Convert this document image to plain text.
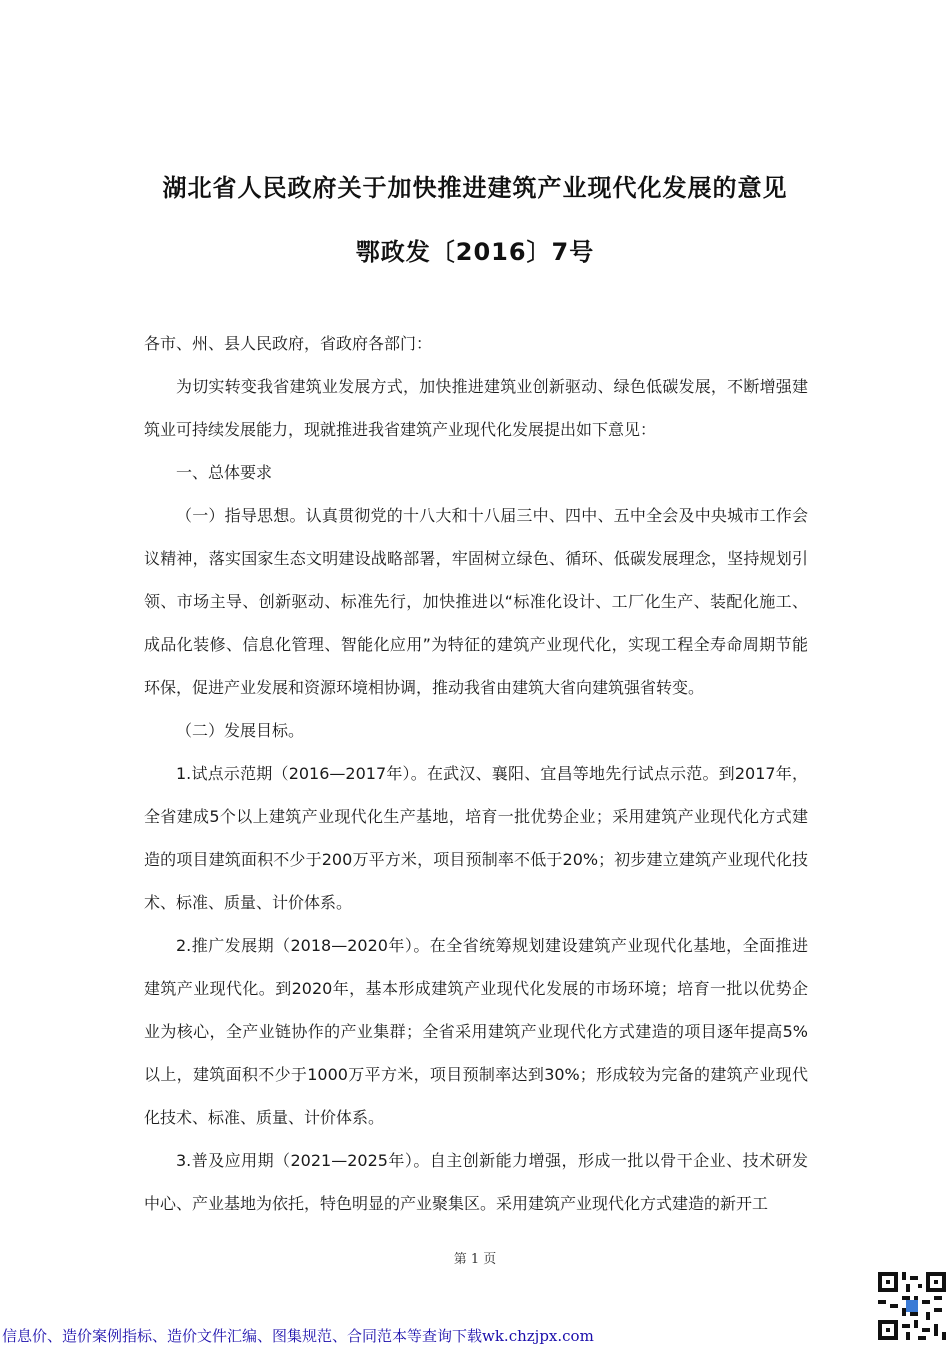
湖北省人民政府关于加快推进建筑产业现代化发展的意见
鄂政发〔2016〕7号

各市、州、县人民政府，省政府各部门：

为切实转变我省建筑业发展方式，加快推进建筑业创新驱动、绿色低碳发展，不断增强建筑业可持续发展能力，现就推进我省建筑产业现代化发展提出如下意见：

一、总体要求

（一）指导思想。认真贯彻党的十八大和十八届三中、四中、五中全会及中央城市工作会议精神，落实国家生态文明建设战略部署，牢固树立绿色、循环、低碳发展理念，坚持规划引领、市场主导、创新驱动、标准先行，加快推进以“标准化设计、工厂化生产、装配化施工、成品化装修、信息化管理、智能化应用”为特征的建筑产业现代化，实现工程全寿命周期节能环保，促进产业发展和资源环境相协调，推动我省由建筑大省向建筑强省转变。

（二）发展目标。

1.试点示范期（2016—2017年）。在武汉、襄阳、宜昌等地先行试点示范。到2017年，全省建成5个以上建筑产业现代化生产基地，培育一批优势企业；采用建筑产业现代化方式建造的项目建筑面积不少于200万平方米，项目预制率不低于20%；初步建立建筑产业现代化技术、标准、质量、计价体系。

2.推广发展期（2018—2020年）。在全省统筹规划建设建筑产业现代化基地，全面推进建筑产业现代化。到2020年，基本形成建筑产业现代化发展的市场环境；培育一批以优势企业为核心，全产业链协作的产业集群；全省采用建筑产业现代化方式建造的项目逐年提高5%以上，建筑面积不少于1000万平方米，项目预制率达到30%；形成较为完备的建筑产业现代化技术、标准、质量、计价体系。

3.普及应用期（2021—2025年）。自主创新能力增强，形成一批以骨干企业、技术研发中心、产业基地为依托，特色明显的产业聚集区。采用建筑产业现代化方式建造的新开工

第 1 页
信息价、造价案例指标、造价文件汇编、图集规范、合同范本等查询下载wk.chzjpx.com
